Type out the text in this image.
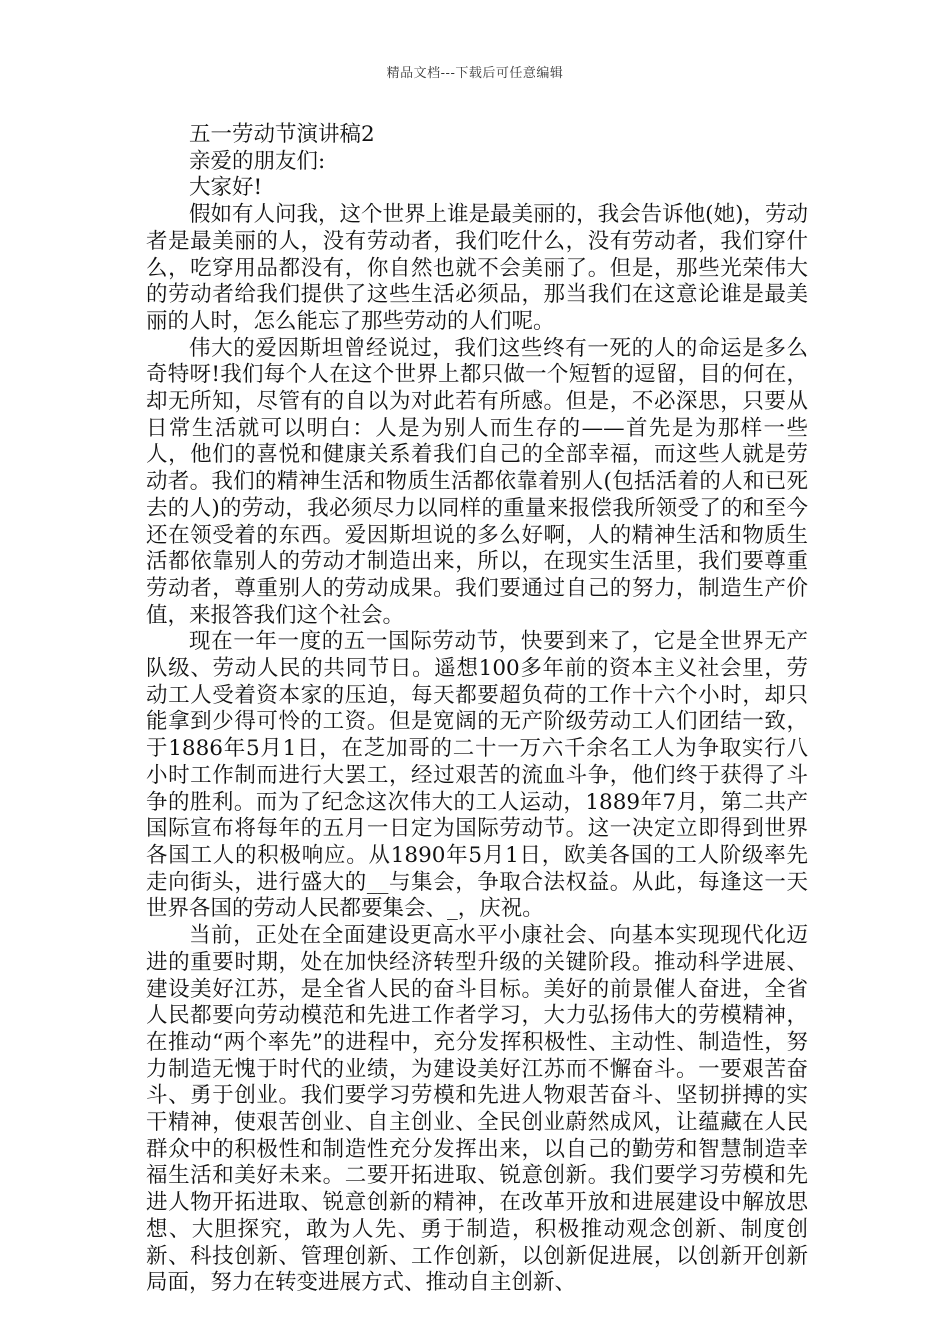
精品文档---下载后可任意编辑

五一劳动节演讲稿2

亲爱的朋友们:

大家好!

假如有人问我，这个世界上谁是最美丽的，我会告诉他(她)，劳动者是最美丽的人，没有劳动者，我们吃什么，没有劳动者，我们穿什么，吃穿用品都没有，你自然也就不会美丽了。但是，那些光荣伟大的劳动者给我们提供了这些生活必须品，那当我们在这意论谁是最美丽的人时，怎么能忘了那些劳动的人们呢。

伟大的爱因斯坦曾经说过，我们这些终有一死的人的命运是多么奇特呀!我们每个人在这个世界上都只做一个短暂的逗留，目的何在，却无所知，尽管有的自以为对此若有所感。但是，不必深思，只要从日常生活就可以明白：人是为别人而生存的——首先是为那样一些人，他们的喜悦和健康关系着我们自己的全部幸福，而这些人就是劳动者。我们的精神生活和物质生活都依靠着别人(包括活着的人和已死去的人)的劳动，我必须尽力以同样的重量来报偿我所领受了的和至今还在领受着的东西。爱因斯坦说的多么好啊，人的精神生活和物质生活都依靠别人的劳动才制造出来，所以，在现实生活里，我们要尊重劳动者，尊重别人的劳动成果。我们要通过自己的努力，制造生产价值，来报答我们这个社会。

现在一年一度的五一国际劳动节，快要到来了，它是全世界无产队级、劳动人民的共同节日。遥想100多年前的资本主义社会里，劳动工人受着资本家的压迫，每天都要超负荷的工作十六个小时，却只能拿到少得可怜的工资。但是宽阔的无产阶级劳动工人们团结一致，于1886年5月1日，在芝加哥的二十一万六千余名工人为争取实行八小时工作制而进行大罢工，经过艰苦的流血斗争，他们终于获得了斗争的胜利。而为了纪念这次伟大的工人运动，1889年7月，第二共产国际宣布将每年的五月一日定为国际劳动节。这一决定立即得到世界各国工人的积极响应。从1890年5月1日，欧美各国的工人阶级率先走向街头，进行盛大的__与集会，争取合法权益。从此，每逢这一天世界各国的劳动人民都要集会、_，庆祝。

当前，正处在全面建设更高水平小康社会、向基本实现现代化迈进的重要时期，处在加快经济转型升级的关键阶段。推动科学进展、建设美好江苏，是全省人民的奋斗目标。美好的前景催人奋进，全省人民都要向劳动模范和先进工作者学习，大力弘扬伟大的劳模精神，在推动“两个率先”的进程中，充分发挥积极性、主动性、制造性，努力制造无愧于时代的业绩，为建设美好江苏而不懈奋斗。一要艰苦奋斗、勇于创业。我们要学习劳模和先进人物艰苦奋斗、坚韧拼搏的实干精神，使艰苦创业、自主创业、全民创业蔚然成风，让蕴藏在人民群众中的积极性和制造性充分发挥出来，以自己的勤劳和智慧制造幸福生活和美好未来。二要开拓进取、锐意创新。我们要学习劳模和先进人物开拓进取、锐意创新的精神，在改革开放和进展建设中解放思想、大胆探究，敢为人先、勇于制造，积极推动观念创新、制度创新、科技创新、管理创新、工作创新，以创新促进展，以创新开创新局面，努力在转变进展方式、推动自主创新、
